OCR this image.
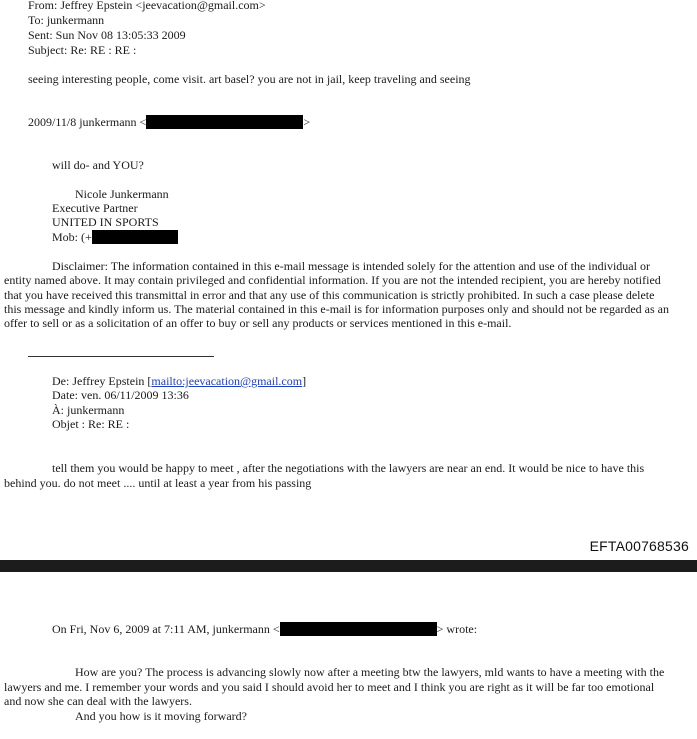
From: Jeffrey Epstein <jeevacation@gmail.com>
To: junkermann
Sent: Sun Nov 08 13:05:33 2009
Subject: Re: RE : RE :
seeing interesting people, come visit. art basel? you are not in jail, keep traveling and seeing
2009/11/8 junkermann <	>
will do- and YOU?
Nicole Junkermann
Executive Partner
UNITED IN SPORTS
Mob: (+
Disclaimer: The information contained in this e-mail message is intended solely for the attention and use of the individual or
entity named above. It may contain privileged and confidential information. If you are not the intended recipient, you are hereby notified
that you have received this transmittal in error and that any use of this communication is strictly prohibited. In such a case please delete
this message and kindly inform us. The material contained in this e-mail is for information purposes only and should not be regarded as an
offer to sell or as a solicitation of an offer to buy or sell any products or services mentioned in this e-mail.
De: Jeffrey Epstein [mailto:jeevacation@gmail.com]
Date: ven. 06/11/2009 13:36
À: junkermann
Objet : Re: RE :
tell them you would be happy to meet , after the negotiations with the lawyers are near an end. It would be nice to have this
behind you. do not meet .... until at least a year from his passing
EFTA00768536
On Fri, Nov 6, 2009 at 7:11 AM, junkermann <	> wrote:
How are you? The process is advancing slowly now after a meeting btw the lawyers, mld wants to have a meeting with the
lawyers and me. I remember your words and you said I should avoid her to meet and I think you are right as it will be far too emotional
and now she can deal with the lawyers.
And you how is it moving forward?
